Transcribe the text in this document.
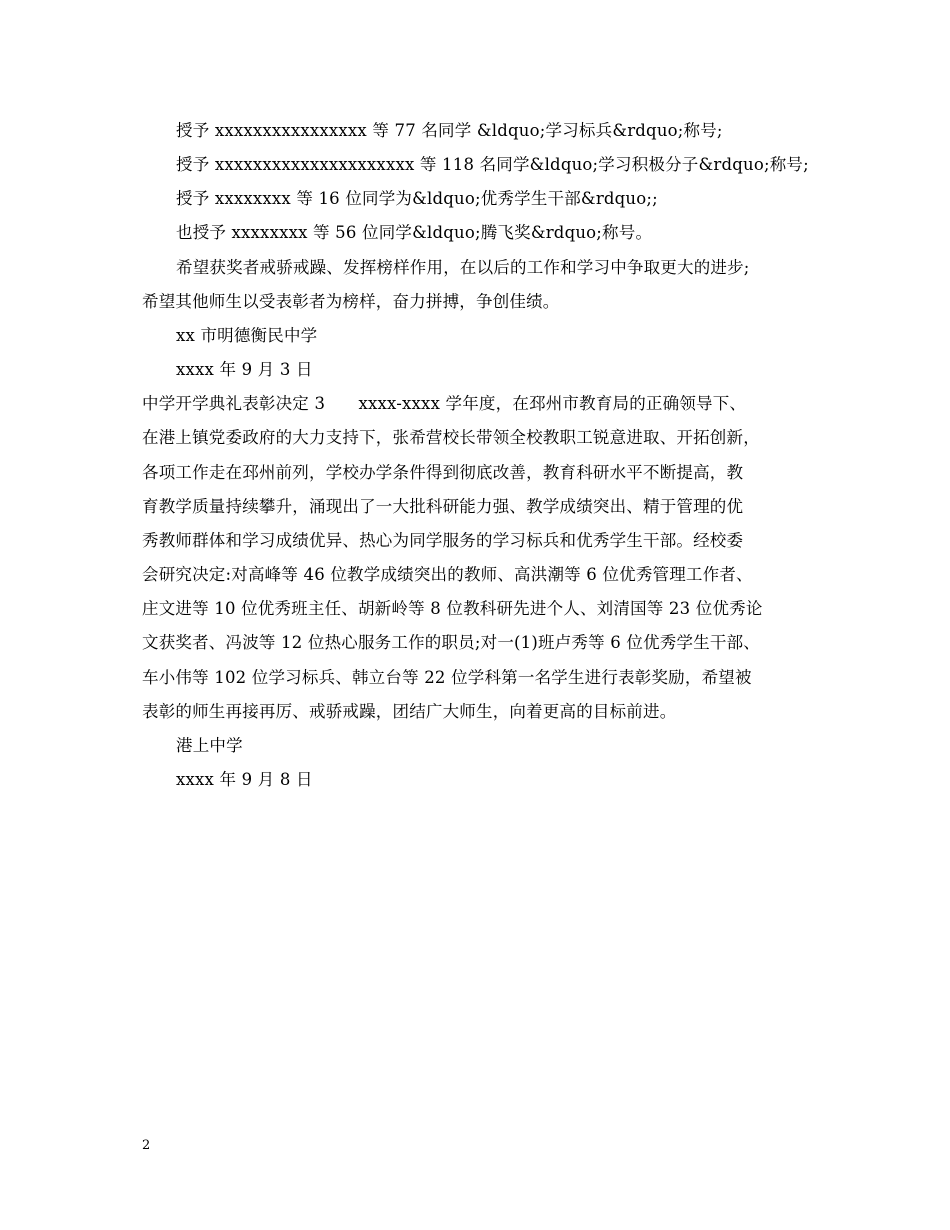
授予 xxxxxxxxxxxxxxxx 等 77 名同学 &ldquo;学习标兵&rdquo;称号;
授予 xxxxxxxxxxxxxxxxxxxxx 等 118 名同学&ldquo;学习积极分子&rdquo;称号;
授予 xxxxxxxx 等 16 位同学为&ldquo;优秀学生干部&rdquo;;
也授予 xxxxxxxx 等 56 位同学&ldquo;腾飞奖&rdquo;称号。
希望获奖者戒骄戒躁、发挥榜样作用，在以后的工作和学习中争取更大的进步;
希望其他师生以受表彰者为榜样，奋力拼搏，争创佳绩。
xx 市明德衡民中学
xxxx 年 9 月 3 日
中学开学典礼表彰决定 3　　xxxx-xxxx 学年度，在邳州市教育局的正确领导下、
在港上镇党委政府的大力支持下，张希营校长带领全校教职工锐意进取、开拓创新，
各项工作走在邳州前列，学校办学条件得到彻底改善，教育科研水平不断提高，教
育教学质量持续攀升，涌现出了一大批科研能力强、教学成绩突出、精于管理的优
秀教师群体和学习成绩优异、热心为同学服务的学习标兵和优秀学生干部。经校委
会研究决定:对高峰等 46 位教学成绩突出的教师、高洪潮等 6 位优秀管理工作者、
庄文进等 10 位优秀班主任、胡新岭等 8 位教科研先进个人、刘清国等 23 位优秀论
文获奖者、冯波等 12 位热心服务工作的职员;对一(1)班卢秀等 6 位优秀学生干部、
车小伟等 102 位学习标兵、韩立台等 22 位学科第一名学生进行表彰奖励，希望被
表彰的师生再接再厉、戒骄戒躁，团结广大师生，向着更高的目标前进。
港上中学
xxxx 年 9 月 8 日
2
